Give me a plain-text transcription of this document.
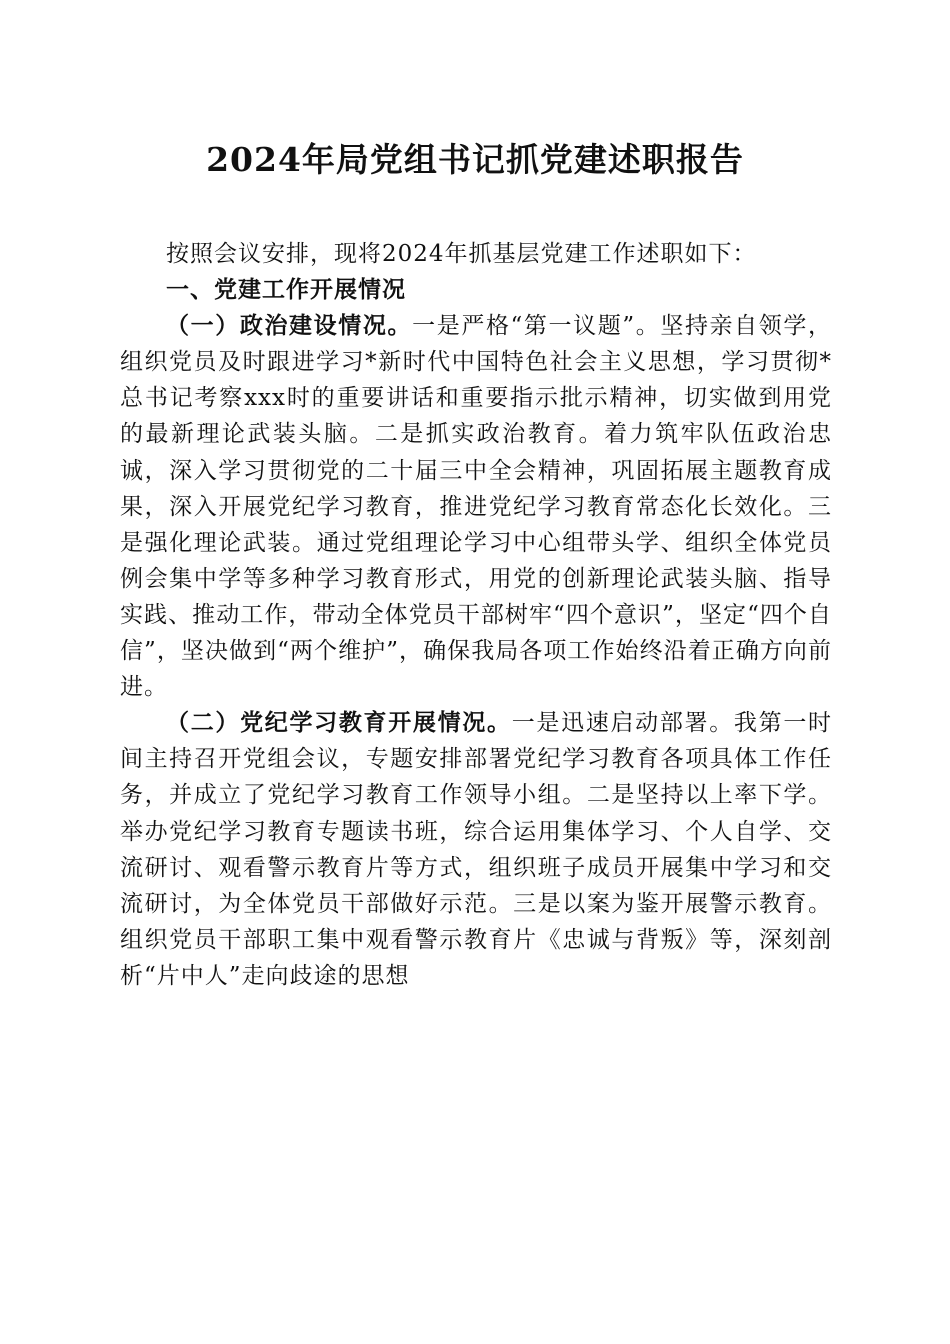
2024年局党组书记抓党建述职报告

按照会议安排，现将2024年抓基层党建工作述职如下：

一、党建工作开展情况

（一）政治建设情况。一是严格“第一议题”。坚持亲自领学，组织党员及时跟进学习*新时代中国特色社会主义思想，学习贯彻*总书记考察xxx时的重要讲话和重要指示批示精神，切实做到用党的最新理论武装头脑。二是抓实政治教育。着力筑牢队伍政治忠诚，深入学习贯彻党的二十届三中全会精神，巩固拓展主题教育成果，深入开展党纪学习教育，推进党纪学习教育常态化长效化。三是强化理论武装。通过党组理论学习中心组带头学、组织全体党员例会集中学等多种学习教育形式，用党的创新理论武装头脑、指导实践、推动工作，带动全体党员干部树牢“四个意识”，坚定“四个自信”，坚决做到“两个维护”，确保我局各项工作始终沿着正确方向前进。

（二）党纪学习教育开展情况。一是迅速启动部署。我第一时间主持召开党组会议，专题安排部署党纪学习教育各项具体工作任务，并成立了党纪学习教育工作领导小组。二是坚持以上率下学。举办党纪学习教育专题读书班，综合运用集体学习、个人自学、交流研讨、观看警示教育片等方式，组织班子成员开展集中学习和交流研讨，为全体党员干部做好示范。三是以案为鉴开展警示教育。组织党员干部职工集中观看警示教育片《忠诚与背叛》等，深刻剖析“片中人”走向歧途的思想
